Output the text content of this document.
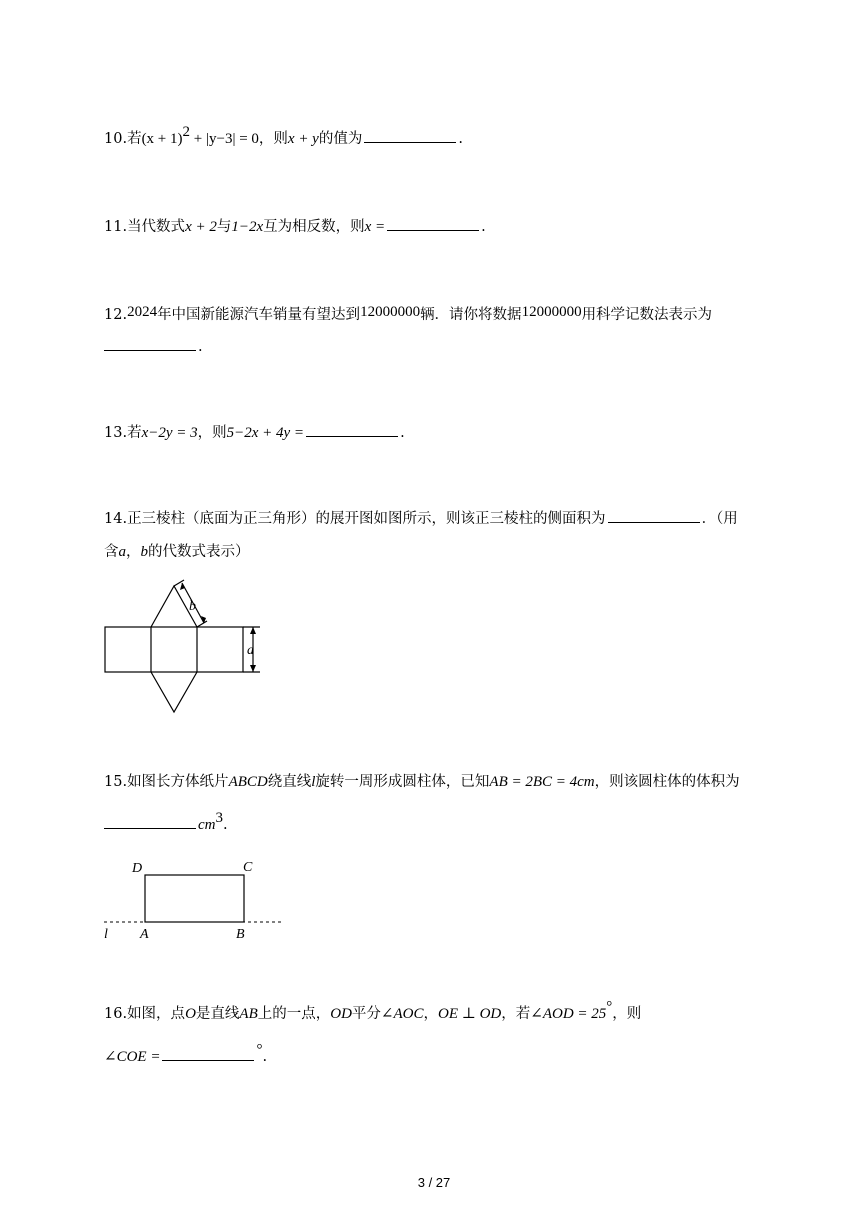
10.若$(x + 1)^2 + |y-3| = 0$，则x + y的值为	.
11.当代数式x + 2与1−2x互为相反数，则x =	.
12.2024年中国新能源汽车销量有望达到12000000辆．请你将数据12000000用科学记数法表示为
.
13.若x−2y = 3，则5−2x + 4y =	.
14.正三棱柱（底面为正三角形）的展开图如图所示，则该正三棱柱的侧面积为	．（用
含a，b的代数式表示）
b
a
15.如图长方体纸片ABCD绕直线l旋转一周形成圆柱体，已知AB = 2BC = 4cm，则该圆柱体的体积为
$cm^3$.
D	C
A	B
l
16.如图，点O是直线AB上的一点，OD平分∠AOC，OE ⊥ OD，若∠AOD = 25°，则
∠COE =	°.
3 / 27
